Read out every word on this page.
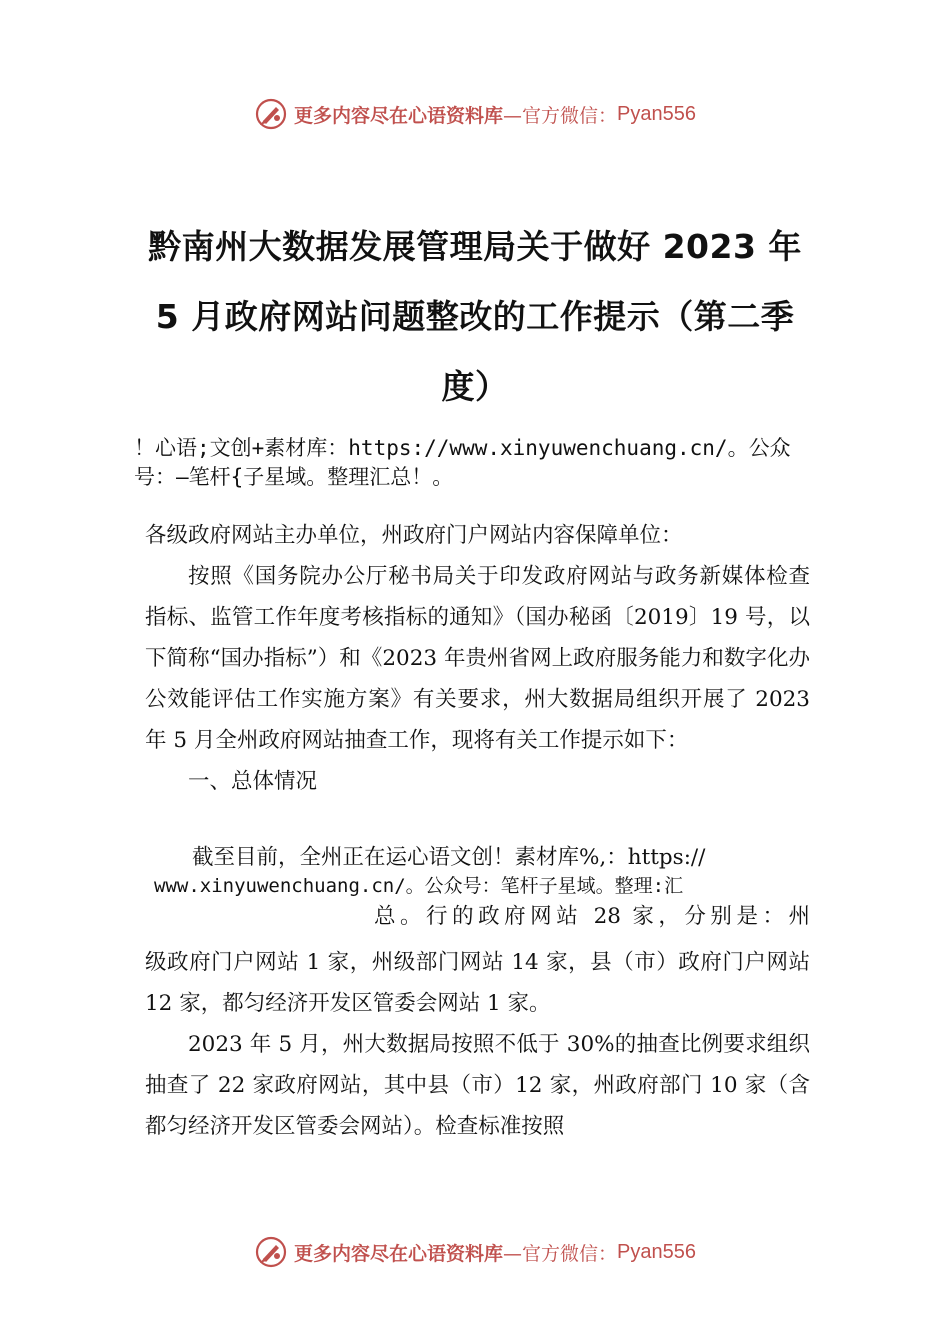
更多内容尽在心语资料库 —官方微信： Pyan556
黔南州大数据发展管理局关于做好 2023 年
5 月政府网站问题整改的工作提示（第二季
度）
！心语;文创+素材库：https://www.xinyuwenchuang.cn/。公众号：—笔杆{子星域。整理汇总！。

各级政府网站主办单位，州政府门户网站内容保障单位：

按照《国务院办公厅秘书局关于印发政府网站与政务新媒体检查指标、监管工作年度考核指标的通知》（国办秘函〔2019〕19 号，以下简称“国办指标”）和《2023 年贵州省网上政府服务能力和数字化办公效能评估工作实施方案》有关要求，州大数据局组织开展了 2023 年 5 月全州政府网站抽查工作，现将有关工作提示如下：

一、总体情况

截至目前，全州正在运心语文创！素材库%,：https://
www.xinyuwenchuang.cn/。公众号：笔杆子星域。整理:汇
总。行的政府网站 28 家，分别是：州

级政府门户网站 1 家，州级部门网站 14 家，县（市）政府门户网站 12 家，都匀经济开发区管委会网站 1 家。

2023 年 5 月，州大数据局按照不低于 30%的抽查比例要求组织抽查了 22 家政府网站，其中县（市）12 家，州政府部门 10 家（含都匀经济开发区管委会网站）。检查标准按照

更多内容尽在心语资料库 —官方微信： Pyan556
